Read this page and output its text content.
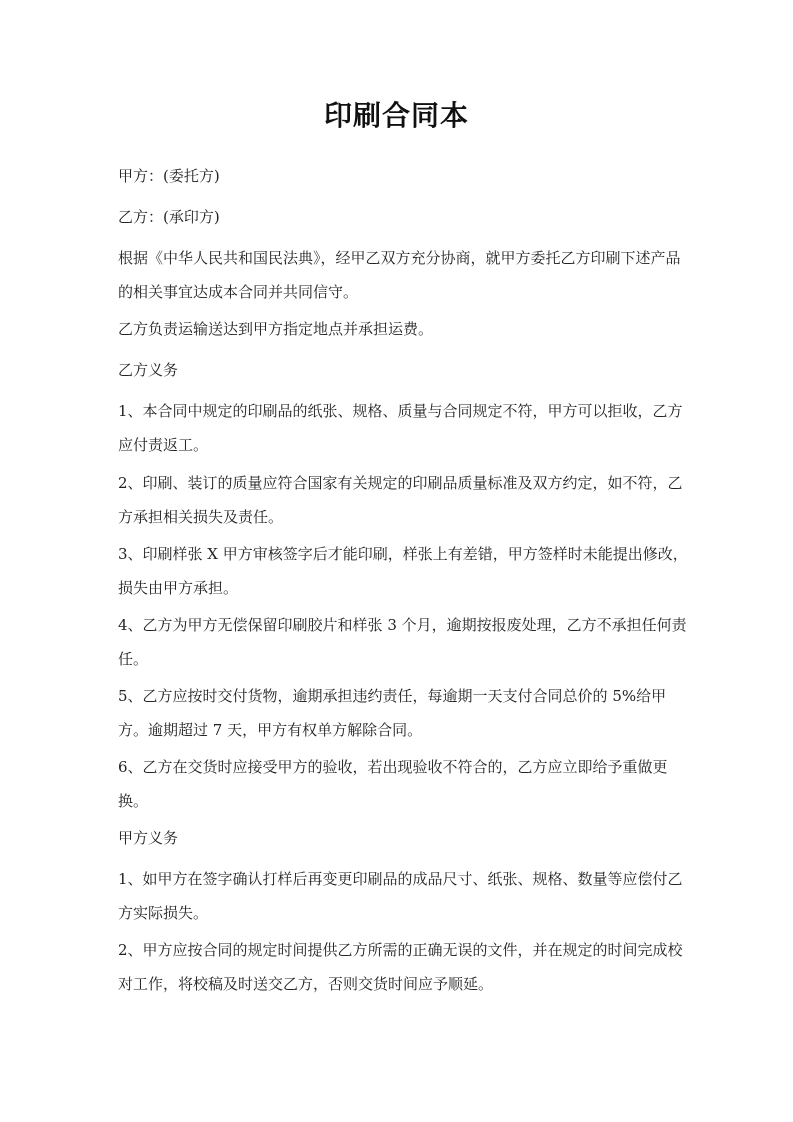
印刷合同本

甲方：(委托方)

乙方：(承印方)

根据《中华人民共和国民法典》，经甲乙双方充分协商，就甲方委托乙方印刷下述产品的相关事宜达成本合同并共同信守。

乙方负责运输送达到甲方指定地点并承担运费。

乙方义务

1、本合同中规定的印刷品的纸张、规格、质量与合同规定不符，甲方可以拒收，乙方应付责返工。

2、印刷、装订的质量应符合国家有关规定的印刷品质量标准及双方约定，如不符，乙方承担相关损失及责任。

3、印刷样张 X 甲方审核签字后才能印刷，样张上有差错，甲方签样时未能提出修改，损失由甲方承担。

4、乙方为甲方无偿保留印刷胶片和样张 3 个月，逾期按报废处理，乙方不承担任何责任。

5、乙方应按时交付货物，逾期承担违约责任，每逾期一天支付合同总价的 5%给甲方。逾期超过 7 天，甲方有权单方解除合同。

6、乙方在交货时应接受甲方的验收，若出现验收不符合的，乙方应立即给予重做更换。

甲方义务

1、如甲方在签字确认打样后再变更印刷品的成品尺寸、纸张、规格、数量等应偿付乙方实际损失。

2、甲方应按合同的规定时间提供乙方所需的正确无误的文件，并在规定的时间完成校对工作，将校稿及时送交乙方，否则交货时间应予顺延。
